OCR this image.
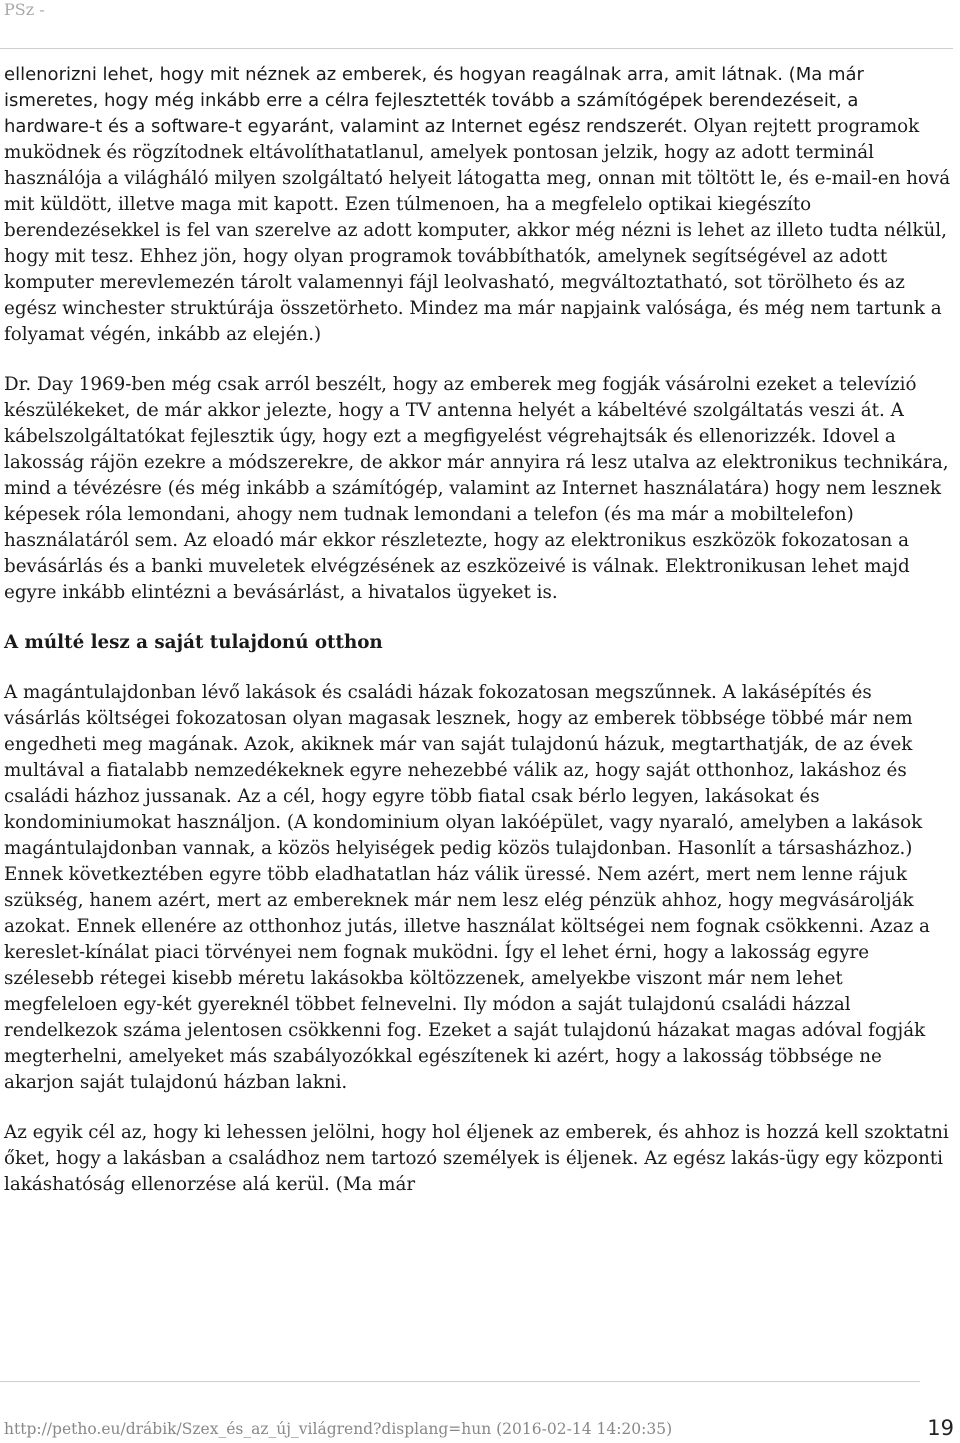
PSz -

ellenorizni lehet, hogy mit néznek az emberek, és hogyan reagálnak arra, amit látnak. (Ma már ismeretes, hogy még inkább erre a célra fejlesztették tovább a számítógépek berendezéseit, a hardware-t és a software-t egyaránt, valamint az Internet egész rendszerét. Olyan rejtett programok muködnek és rögzítodnek eltávolíthatatlanul, amelyek pontosan jelzik, hogy az adott terminál használója a világháló milyen szolgáltató helyeit látogatta meg, onnan mit töltött le, és e-mail-en hová mit küldött, illetve maga mit kapott. Ezen túlmenoen, ha a megfelelo optikai kiegészíto berendezésekkel is fel van szerelve az adott komputer, akkor még nézni is lehet az illeto tudta nélkül, hogy mit tesz. Ehhez jön, hogy olyan programok továbbíthatók, amelynek segítségével az adott komputer merevlemezén tárolt valamennyi fájl leolvasható, megváltoztatható, sot törölheto és az egész winchester struktúrája összetörheto. Mindez ma már napjaink valósága, és még nem tartunk a folyamat végén, inkább az elején.)

Dr. Day 1969-ben még csak arról beszélt, hogy az emberek meg fogják vásárolni ezeket a televízió készülékeket, de már akkor jelezte, hogy a TV antenna helyét a kábeltévé szolgáltatás veszi át. A kábelszolgáltatókat fejlesztik úgy, hogy ezt a megfigyelést végrehajtsák és ellenorizzék. Idovel a lakosság rájön ezekre a módszerekre, de akkor már annyira rá lesz utalva az elektronikus technikára, mind a tévézésre (és még inkább a számítógép, valamint az Internet használatára) hogy nem lesznek képesek róla lemondani, ahogy nem tudnak lemondani a telefon (és ma már a mobiltelefon) használatáról sem. Az eloadó már ekkor részletezte, hogy az elektronikus eszközök fokozatosan a bevásárlás és a banki muveletek elvégzésének az eszközeivé is válnak. Elektronikusan lehet majd egyre inkább elintézni a bevásárlást, a hivatalos ügyeket is.

A múlté lesz a saját tulajdonú otthon

A magántulajdonban lévő lakások és családi házak fokozatosan megszűnnek. A lakásépítés és vásárlás költségei fokozatosan olyan magasak lesznek, hogy az emberek többsége többé már nem engedheti meg magának. Azok, akiknek már van saját tulajdonú házuk, megtarthatják, de az évek multával a fiatalabb nemzedékeknek egyre nehezebbé válik az, hogy saját otthonhoz, lakáshoz és családi házhoz jussanak. Az a cél, hogy egyre több fiatal csak bérlo legyen, lakásokat és kondominiumokat használjon. (A kondominium olyan lakóépület, vagy nyaraló, amelyben a lakások magántulajdonban vannak, a közös helyiségek pedig közös tulajdonban. Hasonlít a társasházhoz.) Ennek következtében egyre több eladhatatlan ház válik üressé. Nem azért, mert nem lenne rájuk szükség, hanem azért, mert az embereknek már nem lesz elég pénzük ahhoz, hogy megvásárolják azokat. Ennek ellenére az otthonhoz jutás, illetve használat költségei nem fognak csökkenni. Azaz a kereslet-kínálat piaci törvényei nem fognak muködni. Így el lehet érni, hogy a lakosság egyre szélesebb rétegei kisebb méretu lakásokba költözzenek, amelyekbe viszont már nem lehet megfeleloen egy-két gyereknél többet felnevelni. Ily módon a saját tulajdonú családi házzal rendelkezok száma jelentosen csökkenni fog. Ezeket a saját tulajdonú házakat magas adóval fogják megterhelni, amelyeket más szabályozókkal egészítenek ki azért, hogy a lakosság többsége ne akarjon saját tulajdonú házban lakni.

Az egyik cél az, hogy ki lehessen jelölni, hogy hol éljenek az emberek, és ahhoz is hozzá kell szoktatni őket, hogy a lakásban a családhoz nem tartozó személyek is éljenek. Az egész lakás-ügy egy központi lakáshatóság ellenorzése alá kerül. (Ma már

http://petho.eu/drábik/Szex_és_az_új_világrend?displang=hun (2016-02-14 14:20:35)	19
